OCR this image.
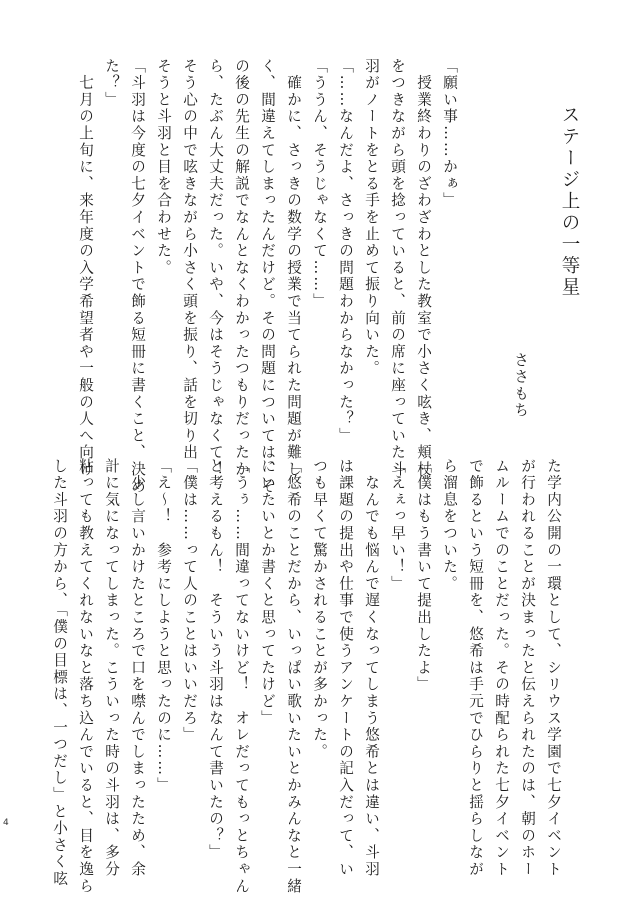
ステージ上の一等星
ささもち
「願い事……かぁ」
　授業終わりのざわざわとした教室で小さく呟き、頬杖
をつきながら頭を捻っていると、前の席に座っていた斗
羽がノートをとる手を止めて振り向いた。
「……なんだよ、さっきの問題わからなかった？」
「ううん、そうじゃなくて……」
　確かに、さっきの数学の授業で当てられた問題が難し
く、間違えてしまったんだけど。その問題については、そ
の後の先生の解説でなんとなくわかったつもりだったか
ら、たぶん大丈夫だった。いや、今はそうじゃなくて！
そう心の中で呟きながら小さく頭を振り、話を切り出
そうと斗羽と目を合わせた。
「斗羽は今度の七夕イベントで飾る短冊に書くこと、決め
た？」
　七月の上旬に、来年度の入学希望者や一般の人へ向け
た学内公開の一環として、シリウス学園で七夕イベント
が行われることが決まったと伝えられたのは、朝のホー
ムルームでのことだった。その時配られた七夕イベント
で飾るという短冊を、悠希は手元でひらりと揺らしなが
ら溜息をついた。
「僕はもう書いて提出したよ」
「えぇっ早い！」
　なんでも悩んで遅くなってしまう悠希とは違い、斗羽
は課題の提出や仕事で使うアンケートの記入だって、い
つも早くて驚かされることが多かった。
「悠希のことだから、いっぱい歌いたいとかみんなと一緒
にいたいとか書くと思ってたけど」
「うぅ……間違ってないけど！　オレだってもっとちゃん
と考えるもん！　そういう斗羽はなんて書いたの？」
「僕は……って人のことはいいだろ」
「え～！　参考にしようと思ったのに……」
　少し言いかけたところで口を噤んでしまったため、余
計に気になってしまった。こういった時の斗羽は、多分
粘っても教えてくれないなと落ち込んでいると、目を逸ら
した斗羽の方から、「僕の目標は、一つだし」と小さく呟
4
